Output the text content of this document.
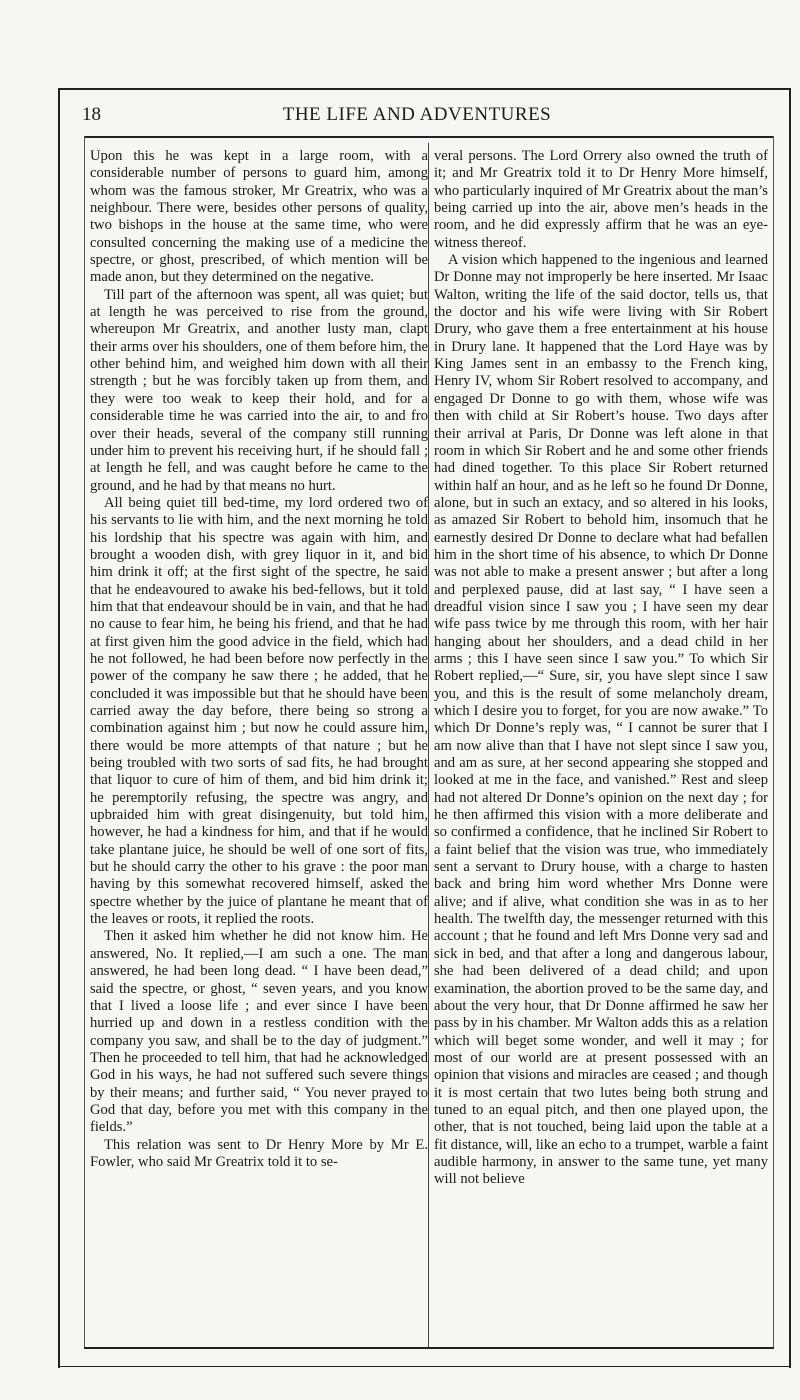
18	THE LIFE AND ADVENTURES

Upon this he was kept in a large room, with a considerable number of persons to guard him, among whom was the famous stroker, Mr Greatrix, who was a neighbour. There were, besides other persons of quality, two bishops in the house at the same time, who were consulted concerning the making use of a medicine the spectre, or ghost, prescribed, of which mention will be made anon, but they determined on the negative.

Till part of the afternoon was spent, all was quiet; but at length he was perceived to rise from the ground, whereupon Mr Greatrix, and another lusty man, clapt their arms over his shoulders, one of them before him, the other behind him, and weighed him down with all their strength ; but he was forcibly taken up from them, and they were too weak to keep their hold, and for a considerable time he was carried into the air, to and fro over their heads, several of the company still running under him to prevent his receiving hurt, if he should fall ; at length he fell, and was caught before he came to the ground, and he had by that means no hurt.

All being quiet till bed-time, my lord ordered two of his servants to lie with him, and the next morning he told his lordship that his spectre was again with him, and brought a wooden dish, with grey liquor in it, and bid him drink it off; at the first sight of the spectre, he said that he endeavoured to awake his bed-fellows, but it told him that that endeavour should be in vain, and that he had no cause to fear him, he being his friend, and that he had at first given him the good advice in the field, which had he not followed, he had been before now perfectly in the power of the company he saw there ; he added, that he concluded it was impossible but that he should have been carried away the day before, there being so strong a combination against him ; but now he could assure him, there would be more attempts of that nature ; but he being troubled with two sorts of sad fits, he had brought that liquor to cure of him of them, and bid him drink it; he peremptorily refusing, the spectre was angry, and upbraided him with great disingenuity, but told him, however, he had a kindness for him, and that if he would take plantane juice, he should be well of one sort of fits, but he should carry the other to his grave : the poor man having by this somewhat recovered himself, asked the spectre whether by the juice of plantane he meant that of the leaves or roots, it replied the roots.

Then it asked him whether he did not know him. He answered, No. It replied,—I am such a one. The man answered, he had been long dead. “ I have been dead,” said the spectre, or ghost, “ seven years, and you know that I lived a loose life ; and ever since I have been hurried up and down in a restless condition with the company you saw, and shall be to the day of judgment.” Then he proceeded to tell him, that had he acknowledged God in his ways, he had not suffered such severe things by their means; and further said, “ You never prayed to God that day, before you met with this company in the fields.”

This relation was sent to Dr Henry More by Mr E. Fowler, who said Mr Greatrix told it to se-

veral persons. The Lord Orrery also owned the truth of it; and Mr Greatrix told it to Dr Henry More himself, who particularly inquired of Mr Greatrix about the man’s being carried up into the air, above men’s heads in the room, and he did expressly affirm that he was an eye-witness thereof.

A vision which happened to the ingenious and learned Dr Donne may not improperly be here inserted. Mr Isaac Walton, writing the life of the said doctor, tells us, that the doctor and his wife were living with Sir Robert Drury, who gave them a free entertainment at his house in Drury lane. It happened that the Lord Haye was by King James sent in an embassy to the French king, Henry IV, whom Sir Robert resolved to accompany, and engaged Dr Donne to go with them, whose wife was then with child at Sir Robert’s house. Two days after their arrival at Paris, Dr Donne was left alone in that room in which Sir Robert and he and some other friends had dined together. To this place Sir Robert returned within half an hour, and as he left so he found Dr Donne, alone, but in such an extacy, and so altered in his looks, as amazed Sir Robert to behold him, insomuch that he earnestly desired Dr Donne to declare what had befallen him in the short time of his absence, to which Dr Donne was not able to make a present answer ; but after a long and perplexed pause, did at last say, “ I have seen a dreadful vision since I saw you ; I have seen my dear wife pass twice by me through this room, with her hair hanging about her shoulders, and a dead child in her arms ; this I have seen since I saw you.” To which Sir Robert replied,—“ Sure, sir, you have slept since I saw you, and this is the result of some melancholy dream, which I desire you to forget, for you are now awake.” To which Dr Donne’s reply was, “ I cannot be surer that I am now alive than that I have not slept since I saw you, and am as sure, at her second appearing she stopped and looked at me in the face, and vanished.” Rest and sleep had not altered Dr Donne’s opinion on the next day ; for he then affirmed this vision with a more deliberate and so confirmed a confidence, that he inclined Sir Robert to a faint belief that the vision was true, who immediately sent a servant to Drury house, with a charge to hasten back and bring him word whether Mrs Donne were alive; and if alive, what condition she was in as to her health. The twelfth day, the messenger returned with this account ; that he found and left Mrs Donne very sad and sick in bed, and that after a long and dangerous labour, she had been delivered of a dead child; and upon examination, the abortion proved to be the same day, and about the very hour, that Dr Donne affirmed he saw her pass by in his chamber. Mr Walton adds this as a relation which will beget some wonder, and well it may ; for most of our world are at present possessed with an opinion that visions and miracles are ceased ; and though it is most certain that two lutes being both strung and tuned to an equal pitch, and then one played upon, the other, that is not touched, being laid upon the table at a fit distance, will, like an echo to a trumpet, warble a faint audible harmony, in answer to the same tune, yet many will not believe
